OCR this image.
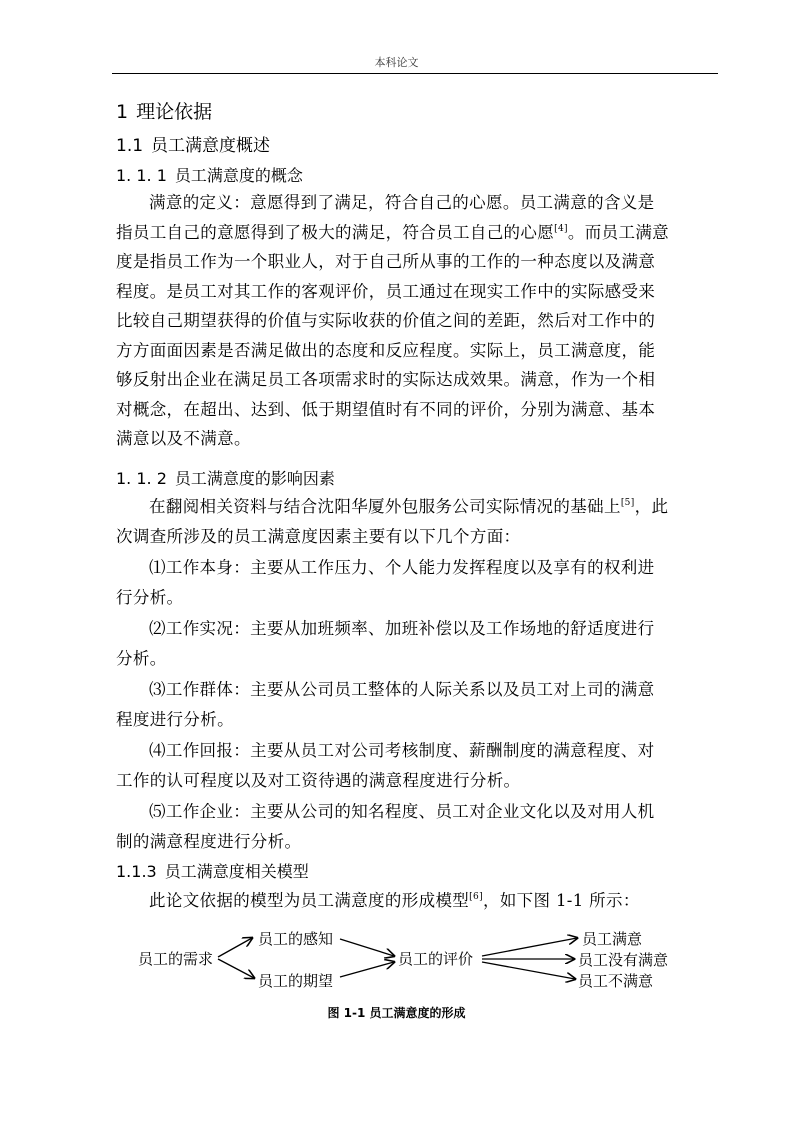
本科论文
1 理论依据
1.1 员工满意度概述
1. 1. 1 员工满意度的概念

满意的定义：意愿得到了满足，符合自己的心愿。员工满意的含义是
指员工自己的意愿得到了极大的满足，符合员工自己的心愿[4]。而员工满意
度是指员工作为一个职业人，对于自己所从事的工作的一种态度以及满意
程度。是员工对其工作的客观评价，员工通过在现实工作中的实际感受来
比较自己期望获得的价值与实际收获的价值之间的差距，然后对工作中的
方方面面因素是否满足做出的态度和反应程度。实际上，员工满意度，能
够反射出企业在满足员工各项需求时的实际达成效果。满意，作为一个相
对概念，在超出、达到、低于期望值时有不同的评价，分别为满意、基本
满意以及不满意。

1. 1. 2 员工满意度的影响因素

在翻阅相关资料与结合沈阳华厦外包服务公司实际情况的基础上[5]，此
次调查所涉及的员工满意度因素主要有以下几个方面：

⑴工作本身：主要从工作压力、个人能力发挥程度以及享有的权利进
行分析。

⑵工作实况：主要从加班频率、加班补偿以及工作场地的舒适度进行
分析。

⑶工作群体：主要从公司员工整体的人际关系以及员工对上司的满意
程度进行分析。

⑷工作回报：主要从员工对公司考核制度、薪酬制度的满意程度、对
工作的认可程度以及对工资待遇的满意程度进行分析。

⑸工作企业：主要从公司的知名程度、员工对企业文化以及对用人机
制的满意程度进行分析。

1.1.3 员工满意度相关模型

此论文依据的模型为员工满意度的形成模型[6]，如下图 1-1 所示：

员工的需求
员工的感知
员工的期望
员工的评价
员工满意
员工没有满意
员工不满意
图 1-1 员工满意度的形成
